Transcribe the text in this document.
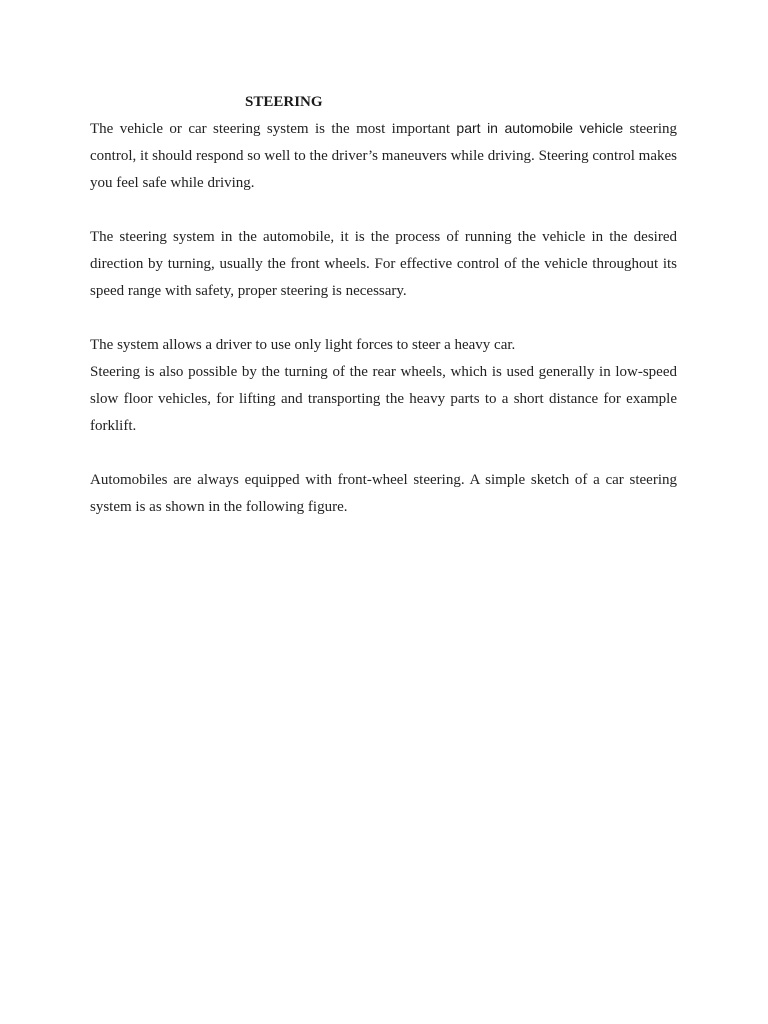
STEERING

The vehicle or car steering system is the most important part in automobile vehicle steering control, it should respond so well to the driver’s maneuvers while driving. Steering control makes you feel safe while driving.

The steering system in the automobile, it is the process of running the vehicle in the desired direction by turning, usually the front wheels. For effective control of the vehicle throughout its speed range with safety, proper steering is necessary.

The system allows a driver to use only light forces to steer a heavy car.

Steering is also possible by the turning of the rear wheels, which is used generally in low-speed slow floor vehicles, for lifting and transporting the heavy parts to a short distance for example forklift.

Automobiles are always equipped with front-wheel steering. A simple sketch of a car steering system is as shown in the following figure.
